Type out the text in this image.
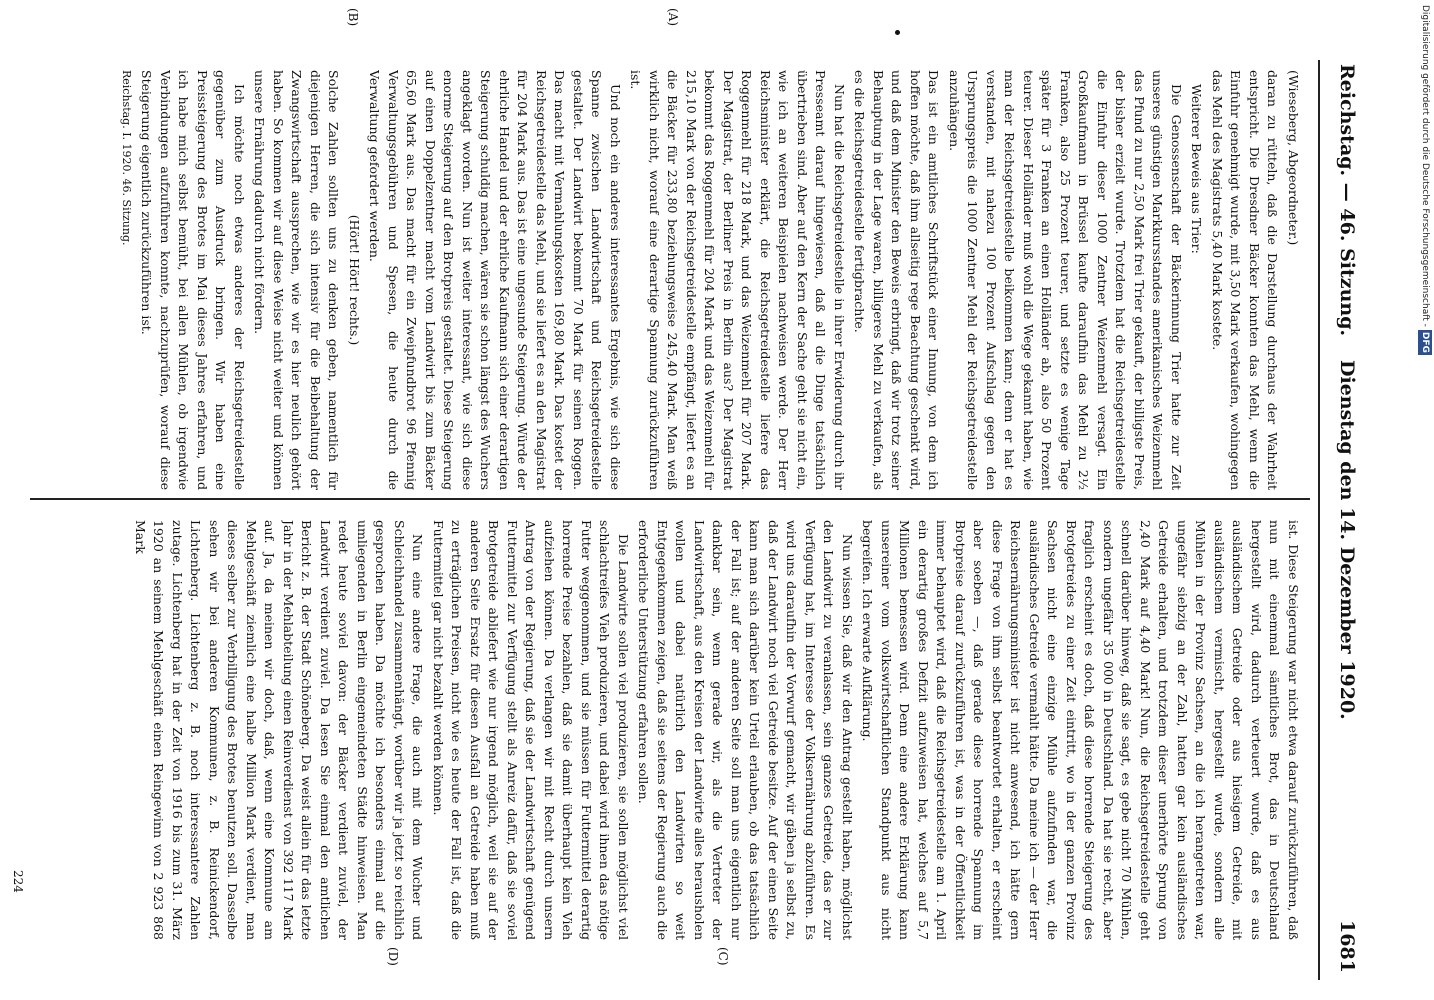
Reichstag. — 46. Sitzung.
Dienstag den 14. Dezember 1920.
1681
(A)
(B)
(C)
(D)

(Wieseberg, Abgeordneter.)

daran zu rütteln, daß die Darstellung durchaus der Wahrheit entspricht. Die Dresdner Bäcker konnten das Mehl, wenn die Einfuhr genehmigt wurde, mit 3,50 Mark verkaufen, wohingegen das Mehl des Magistrats 5,40 Mark kostete.

Weiterer Beweis aus Trier:

Die Genossenschaft der Bäckerinnung Trier hatte zur Zeit unseres günstigen Markkursstandes amerikanisches Weizenmehl das Pfund zu nur 2,50 Mark frei Trier gekauft, der billigste Preis, der bisher erzielt wurde. Trotzdem hat die Reichsgetreidestelle die Einfuhr dieser 1000 Zentner Weizenmehl versagt. Ein Großkaufmann in Brüssel kaufte daraufhin das Mehl zu 2½ Franken, also 25 Prozent teurer, und setzte es wenige Tage später für 3 Franken an einen Holländer ab, also 50 Prozent teurer. Dieser Holländer muß wohl die Wege gekannt haben, wie man der Reichsgetreidestelle beikommen kann; denn er hat es verstanden, mit nahezu 100 Prozent Aufschlag gegen den Ursprungspreis die 1000 Zentner Mehl der Reichsgetreidestelle anzuhängen.

Das ist ein amtliches Schriftstück einer Innung, von dem ich hoffen möchte, daß ihm allseitig rege Beachtung geschenkt wird, und daß dem Minister den Beweis erbringt, daß wir trotz seiner Behauptung in der Lage waren, billigeres Mehl zu verkaufen, als es die Reichsgetreidestelle fertigbrachte.

Nun hat die Reichsgetreidestelle in ihrer Erwiderung durch ihr Presseamt darauf hingewiesen, daß all die Dinge tatsächlich übertrieben sind. Aber auf den Kern der Sache geht sie nicht ein, wie ich an weiteren Beispielen nachweisen werde. Der Herr Reichsminister erklärt, die Reichsgetreidestelle liefere das Roggenmehl für 218 Mark, und das Weizenmehl für 207 Mark. Der Magistrat, der Berliner Preis in Berlin aus? Der Magistrat bekommt das Roggenmehl für 204 Mark und das Weizenmehl für 215,10 Mark von der Reichsgetreidestelle empfängt, liefert es an die Bäcker für 233,80 beziehungsweise 245,40 Mark. Man weiß wirklich nicht, worauf eine derartige Spannung zurückzuführen ist.

Und noch ein anderes interessantes Ergebnis, wie sich diese Spanne zwischen Landwirtschaft und Reichsgetreidestelle gestaltet. Der Landwirt bekommt 70 Mark für seinen Roggen. Das macht mit Vermahlungskosten 169,80 Mark. Das kostet der Reichsgetreidestelle das Mehl, und sie liefert es an den Magistrat für 204 Mark aus. Das ist eine ungesunde Steigerung. Würde der ehrliche Handel und der ehrliche Kaufmann sich einer derartigen Steigerung schuldig machen, wären sie schon längst des Wuchers angeklagt worden. Nun ist weiter interessant, wie sich diese enorme Steigerung auf den Brotpreis gestaltet. Diese Steigerung auf einen Doppelzentner macht vom Landwirt bis zum Bäcker 65,60 Mark aus. Das macht für ein Zweipfundbrot 96 Pfennig Verwaltungsgebühren und Spesen, die heute durch die Verwaltung gefordert werden.

(Hört! Hört! rechts.)

Solche Zahlen sollten uns zu denken geben, namentlich für diejenigen Herren, die sich intensiv für die Beibehaltung der Zwangswirtschaft aussprechen, wie wir es hier neulich gehört haben. So kommen wir auf diese Weise nicht weiter und können unsere Ernährung dadurch nicht fördern.

Ich möchte noch etwas anderes der Reichsgetreidestelle gegenüber zum Ausdruck bringen. Wir haben eine Preissteigerung des Brotes im Mai dieses Jahres erfahren, und ich habe mich selbst bemüht, bei allen Mühlen, ob irgendwie Verbindungen aufzuführen konnte, nachzuprüfen, worauf diese Steigerung eigentlich zurückzuführen ist.

Reichstag. I. 1920. 46. Sitzung.

ist. Diese Steigerung war nicht etwa darauf zurückzuführen, daß nun mit einemmal sämtliches Brot, das in Deutschland hergestellt wird, dadurch verteuert wurde, daß es aus ausländischem Getreide oder aus hiesigem Getreide, mit ausländischem vermischt, hergestellt wurde, sondern alle Mühlen in der Provinz Sachsen, an die ich herangetreten war, ungefähr siebzig an der Zahl, hatten gar kein ausländisches Getreide erhalten, und trotzdem dieser unerhörte Sprung von 2,40 Mark auf 4,40 Mark! Nun, die Reichsgetreidestelle geht schnell darüber hinweg, daß sie sagt, es gebe nicht 70 Mühlen, sondern ungefähr 35 000 in Deutschland. Da hat sie recht, aber fraglich erscheint es doch, daß diese horrende Steigerung des Brotgetreides zu einer Zeit eintritt, wo in der ganzen Provinz Sachsen nicht eine einzige Mühle aufzufinden war, die ausländisches Getreide vermahlt hätte. Da meine ich — der Herr Reichsernährungsminister ist nicht anwesend, ich hätte gern diese Frage von ihm selbst beantwortet erhalten, er erscheint aber soeben —, daß gerade diese horrende Spannung im Brotpreise darauf zurückzuführen ist, was in der Öffentlichkeit immer behauptet wird, daß die Reichsgetreidestelle am 1. April ein derartig großes Defizit aufzuweisen hat, welches auf 5,7 Millionen bemessen wird. Denn eine andere Erklärung kann unsereiner vom volkswirtschaftlichen Standpunkt aus nicht begreifen. Ich erwarte Aufklärung.

Nun wissen Sie, daß wir den Antrag gestellt haben, möglichst den Landwirt zu veranlassen, sein ganzes Getreide, das er zur Verfügung hat, im Interesse der Volksernährung abzuführen. Es wird uns daraufhin der Vorwurf gemacht, wir gäben ja selbst zu, daß der Landwirt noch viel Getreide besitze. Auf der einen Seite kann man sich darüber kein Urteil erlauben, ob das tatsächlich der Fall ist; auf der anderen Seite soll man uns eigentlich nur dankbar sein, wenn gerade wir, als die Vertreter der Landwirtschaft, aus den Kreisen der Landwirte alles herausholen wollen und dabei natürlich den Landwirten so weit Entgegenkommen zeigen, daß sie seitens der Regierung auch die erforderliche Unterstützung erfahren sollen.

Die Landwirte sollen viel produzieren, sie sollen möglichst viel schlachtreifes Vieh produzieren, und dabei wird ihnen das nötige Futter weggenommen, und sie müssen für Futtermittel derartig horrende Preise bezahlen, daß sie damit überhaupt kein Vieh aufziehen können. Da verlangen wir mit Recht durch unsern Antrag von der Regierung, daß sie der Landwirtschaft genügend Futtermittel zur Verfügung stellt als Anreiz dafür, daß sie soviel Brotgetreide abliefert wie nur irgend möglich, weil sie auf der anderen Seite Ersatz für diesen Ausfall an Getreide haben muß zu erträglichen Preisen, nicht wie es heute der Fall ist, daß die Futtermittel gar nicht bezahlt werden können.

Nun eine andere Frage, die auch mit dem Wucher und Schleichhandel zusammenhängt, worüber wir ja jetzt so reichlich gesprochen haben. Da möchte ich besonders einmal auf die umliegenden in Berlin eingemeindeten Städte hinweisen. Man redet heute soviel davon: der Bäcker verdient zuviel, der Landwirt verdient zuviel. Da lesen Sie einmal den amtlichen Bericht z. B. der Stadt Schöneberg. Da weist allein für das letzte Jahr in der Mehlabteilung einen Reinverdienst von 392 117 Mark auf. Ja, da meinen wir doch, daß, wenn eine Kommune am Mehlgeschäft ziemlich eine halbe Million Mark verdient, man dieses selber zur Verbilligung des Brotes benutzen soll. Dasselbe sehen wir bei anderen Kommunen, z. B. Reinickendorf, Lichtenberg. Lichtenberg z. B. noch interessantere Zahlen zutage. Lichtenberg hat in der Zeit von 1916 bis zum 31. März 1920 an seinem Mehlgeschäft einen Reingewinn von 2 923 868 Mark

224
Digitalisierung gefördert durch die Deutsche Forschungsgemeinschaft -DFG
